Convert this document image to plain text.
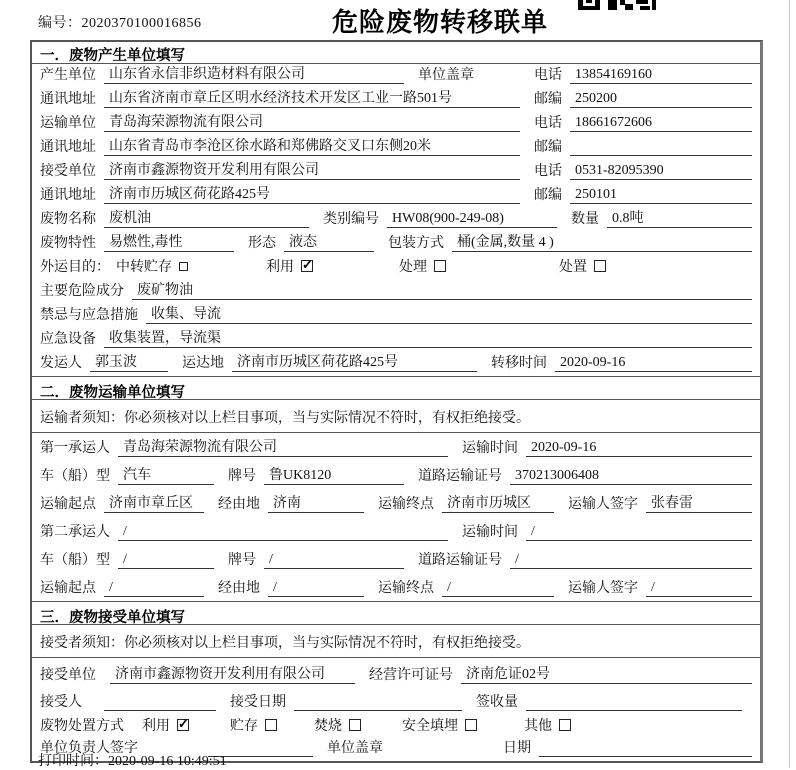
编号：2020370100016856	危险废物转移联单
一．废物产生单位填写
产生单位 山东省永信非织造材料有限公司	单位盖章	电话 13854169160
通讯地址 山东省济南市章丘区明水经济技术开发区工业一路501号	邮编 250200
运输单位 青岛海荣源物流有限公司	电话 18661672606
通讯地址 山东省青岛市李沧区徐水路和郑佛路交叉口东侧20米	邮编
接受单位 济南市鑫源物资开发利用有限公司	电话 0531-82095390
通讯地址 济南市历城区荷花路425号	邮编 250101
废物名称 废机油	类别编号 HW08(900-249-08)	数量 0.8吨
废物特性 易燃性,毒性	形态 液态	包装方式 桶(金属,数量 4 )
外运目的： 中转贮存	利用 ✓	处理	处置
主要危险成分 废矿物油
禁忌与应急措施 收集、导流
应急设备 收集装置，导流渠
发运人 郭玉波	运达地 济南市历城区荷花路425号	转移时间 2020-09-16
二．废物运输单位填写
运输者须知：你必须核对以上栏目事项，当与实际情况不符时，有权拒绝接受。
第一承运人 青岛海荣源物流有限公司	运输时间 2020-09-16
车（船）型 汽车	牌号 鲁UK8120	道路运输证号 370213006408
运输起点 济南市章丘区	经由地 济南	运输终点 济南市历城区	运输人签字 张春雷
第二承运人 /	运输时间 /
车（船）型 /	牌号 /	道路运输证号 /
运输起点 /	经由地 /	运输终点 /	运输人签字 /
三．废物接受单位填写
接受者须知：你必须核对以上栏目事项，当与实际情况不符时，有权拒绝接受。
接受单位	济南市鑫源物资开发利用有限公司	经营许可证号 济南危证02号
接受人	接受日期	签收量
废物处置方式 利用 ✓	贮存	焚烧	安全填埋	其他
单位负责人签字	单位盖章	日期
打印时间：2020-09-16 10:49:51
